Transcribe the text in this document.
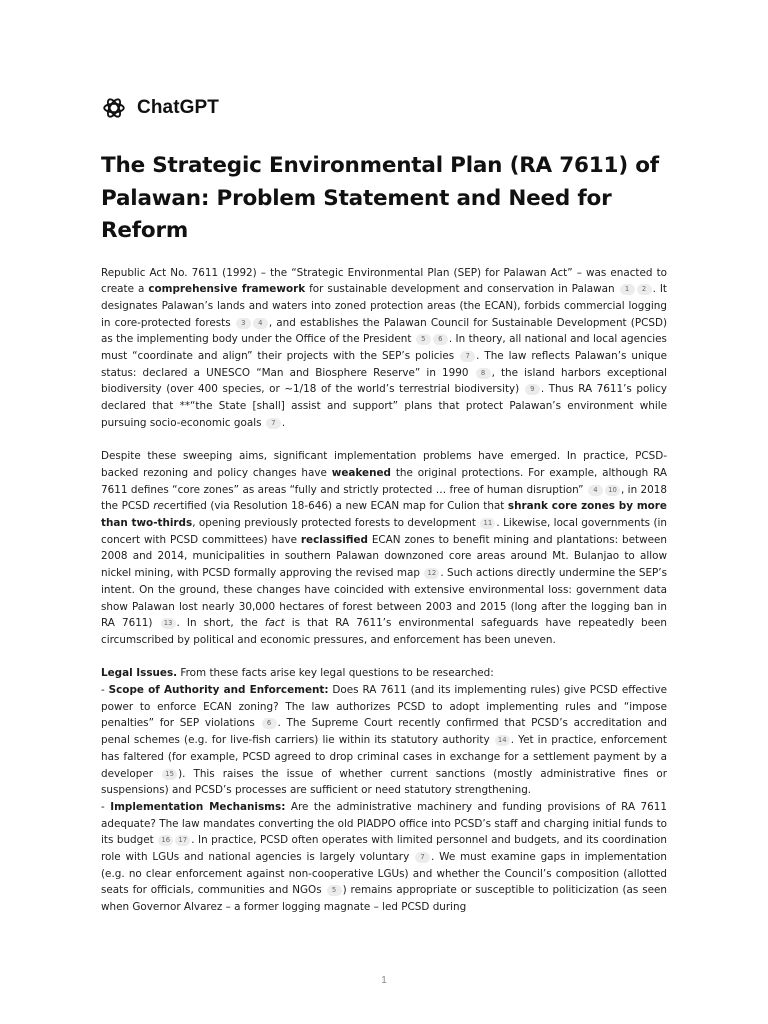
ChatGPT
The Strategic Environmental Plan (RA 7611) of Palawan: Problem Statement and Need for Reform

Republic Act No. 7611 (1992) – the “Strategic Environmental Plan (SEP) for Palawan Act” – was enacted to create a comprehensive framework for sustainable development and conservation in Palawan 1 2 . It designates Palawan’s lands and waters into zoned protection areas (the ECAN), forbids commercial logging in core-protected forests 3 4 , and establishes the Palawan Council for Sustainable Development (PCSD) as the implementing body under the Office of the President 5 6 . In theory, all national and local agencies must “coordinate and align” their projects with the SEP’s policies 7 . The law reflects Palawan’s unique status: declared a UNESCO “Man and Biosphere Reserve” in 1990 8 , the island harbors exceptional biodiversity (over 400 species, or ~1/18 of the world’s terrestrial biodiversity) 9 . Thus RA 7611’s policy declared that **“the State [shall] assist and support” plans that protect Palawan’s environment while pursuing socio-economic goals 7 .

Despite these sweeping aims, significant implementation problems have emerged. In practice, PCSD-backed rezoning and policy changes have weakened the original protections. For example, although RA 7611 defines “core zones” as areas “fully and strictly protected … free of human disruption” 4 10 , in 2018 the PCSD recertified (via Resolution 18-646) a new ECAN map for Culion that shrank core zones by more than two-thirds, opening previously protected forests to development 11 . Likewise, local governments (in concert with PCSD committees) have reclassified ECAN zones to benefit mining and plantations: between 2008 and 2014, municipalities in southern Palawan downzoned core areas around Mt. Bulanjao to allow nickel mining, with PCSD formally approving the revised map 12 . Such actions directly undermine the SEP’s intent. On the ground, these changes have coincided with extensive environmental loss: government data show Palawan lost nearly 30,000 hectares of forest between 2003 and 2015 (long after the logging ban in RA 7611) 13 . In short, the fact is that RA 7611’s environmental safeguards have repeatedly been circumscribed by political and economic pressures, and enforcement has been uneven.

Legal Issues. From these facts arise key legal questions to be researched:
- Scope of Authority and Enforcement: Does RA 7611 (and its implementing rules) give PCSD effective power to enforce ECAN zoning? The law authorizes PCSD to adopt implementing rules and “impose penalties” for SEP violations 6 . The Supreme Court recently confirmed that PCSD’s accreditation and penal schemes (e.g. for live-fish carriers) lie within its statutory authority 14 . Yet in practice, enforcement has faltered (for example, PCSD agreed to drop criminal cases in exchange for a settlement payment by a developer 15 ). This raises the issue of whether current sanctions (mostly administrative fines or suspensions) and PCSD’s processes are sufficient or need statutory strengthening.
- Implementation Mechanisms: Are the administrative machinery and funding provisions of RA 7611 adequate? The law mandates converting the old PIADPO office into PCSD’s staff and charging initial funds to its budget 16 17 . In practice, PCSD often operates with limited personnel and budgets, and its coordination role with LGUs and national agencies is largely voluntary 7 . We must examine gaps in implementation (e.g. no clear enforcement against non-cooperative LGUs) and whether the Council’s composition (allotted seats for officials, communities and NGOs 5 ) remains appropriate or susceptible to politicization (as seen when Governor Alvarez – a former logging magnate – led PCSD during

1
